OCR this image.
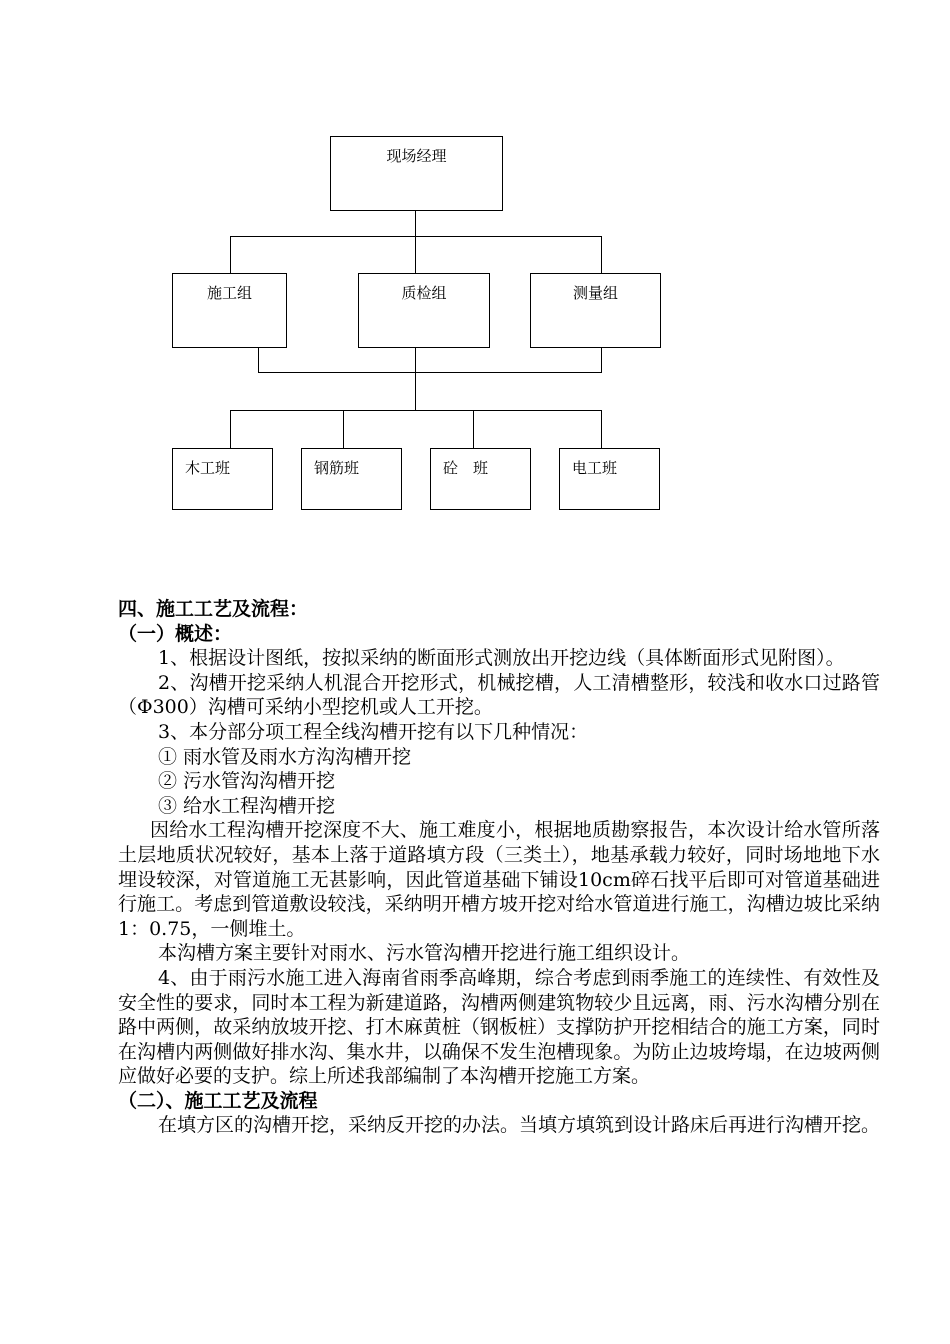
现场经理
施工组	质检组	测量组
木工班	钢筋班	砼　班	电工班

四、施工工艺及流程：

（一）概述：

1、根据设计图纸，按拟采纳的断面形式测放出开挖边线（具体断面形式见附图）。

2、沟槽开挖采纳人机混合开挖形式，机械挖槽，人工清槽整形，较浅和收水口过路管（Φ300）沟槽可采纳小型挖机或人工开挖。

3、本分部分项工程全线沟槽开挖有以下几种情况：

① 雨水管及雨水方沟沟槽开挖

② 污水管沟沟槽开挖

③ 给水工程沟槽开挖

因给水工程沟槽开挖深度不大、施工难度小，根据地质勘察报告，本次设计给水管所落土层地质状况较好，基本上落于道路填方段（三类土），地基承载力较好，同时场地地下水埋设较深，对管道施工无甚影响，因此管道基础下铺设10cm碎石找平后即可对管道基础进行施工。考虑到管道敷设较浅，采纳明开槽方坡开挖对给水管道进行施工，沟槽边坡比采纳1：0.75，一侧堆土。

本沟槽方案主要针对雨水、污水管沟槽开挖进行施工组织设计。

4、由于雨污水施工进入海南省雨季高峰期，综合考虑到雨季施工的连续性、有效性及安全性的要求，同时本工程为新建道路，沟槽两侧建筑物较少且远离，雨、污水沟槽分别在路中两侧，故采纳放坡开挖、打木麻黄桩（钢板桩）支撑防护开挖相结合的施工方案，同时在沟槽内两侧做好排水沟、集水井，以确保不发生泡槽现象。为防止边坡垮塌，在边坡两侧应做好必要的支护。综上所述我部编制了本沟槽开挖施工方案。

（二）、施工工艺及流程

在填方区的沟槽开挖，采纳反开挖的办法。当填方填筑到设计路床后再进行沟槽开挖。
